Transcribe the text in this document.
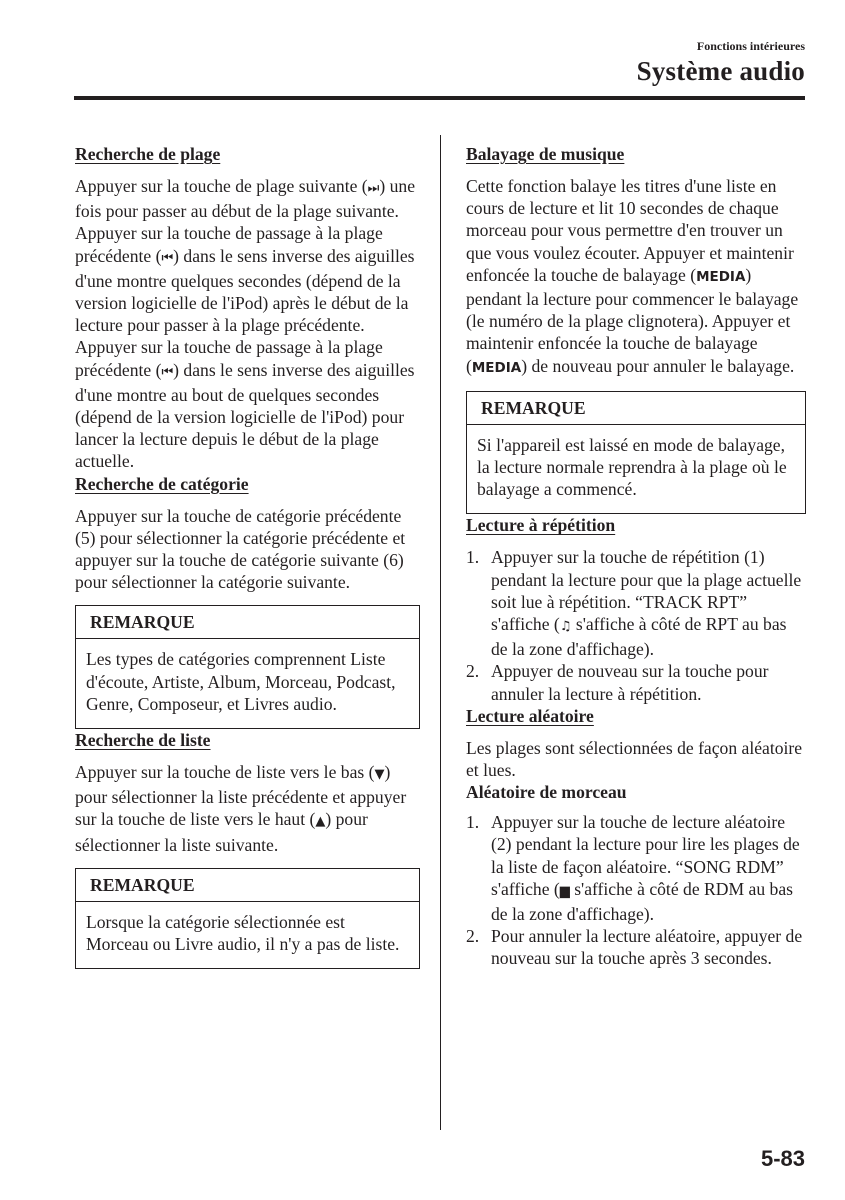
Fonctions intérieures
Système audio
Recherche de plage

Appuyer sur la touche de plage suivante (⏭) une fois pour passer au début de la plage suivante.

Appuyer sur la touche de passage à la plage précédente (⏮) dans le sens inverse des aiguilles d'une montre quelques secondes (dépend de la version logicielle de l'iPod) après le début de la lecture pour passer à la plage précédente.

Appuyer sur la touche de passage à la plage précédente (⏮) dans le sens inverse des aiguilles d'une montre au bout de quelques secondes (dépend de la version logicielle de l'iPod) pour lancer la lecture depuis le début de la plage actuelle.

Recherche de catégorie

Appuyer sur la touche de catégorie précédente (5) pour sélectionner la catégorie précédente et appuyer sur la touche de catégorie suivante (6) pour sélectionner la catégorie suivante.

REMARQUE
Les types de catégories comprennent Liste d'écoute, Artiste, Album, Morceau, Podcast, Genre, Composeur, et Livres audio.
Recherche de liste

Appuyer sur la touche de liste vers le bas (▼) pour sélectionner la liste précédente et appuyer sur la touche de liste vers le haut (▲) pour sélectionner la liste suivante.

REMARQUE
Lorsque la catégorie sélectionnée est Morceau ou Livre audio, il n'y a pas de liste.
Balayage de musique

Cette fonction balaye les titres d'une liste en cours de lecture et lit 10 secondes de chaque morceau pour vous permettre d'en trouver un que vous voulez écouter. Appuyer et maintenir enfoncée la touche de balayage (MEDIA) pendant la lecture pour commencer le balayage (le numéro de la plage clignotera). Appuyer et maintenir enfoncée la touche de balayage (MEDIA) de nouveau pour annuler le balayage.

REMARQUE
Si l'appareil est laissé en mode de balayage, la lecture normale reprendra à la plage où le balayage a commencé.
Lecture à répétition
1. Appuyer sur la touche de répétition (1) pendant la lecture pour que la plage actuelle soit lue à répétition. “TRACK RPT” s'affiche (♫ s'affiche à côté de RPT au bas de la zone d'affichage).
2. Appuyer de nouveau sur la touche pour annuler la lecture à répétition.
Lecture aléatoire

Les plages sont sélectionnées de façon aléatoire et lues.

Aléatoire de morceau
1. Appuyer sur la touche de lecture aléatoire (2) pendant la lecture pour lire les plages de la liste de façon aléatoire. “SONG RDM” s'affiche (▆ s'affiche à côté de RDM au bas de la zone d'affichage).
2. Pour annuler la lecture aléatoire, appuyer de nouveau sur la touche après 3 secondes.
5-83
